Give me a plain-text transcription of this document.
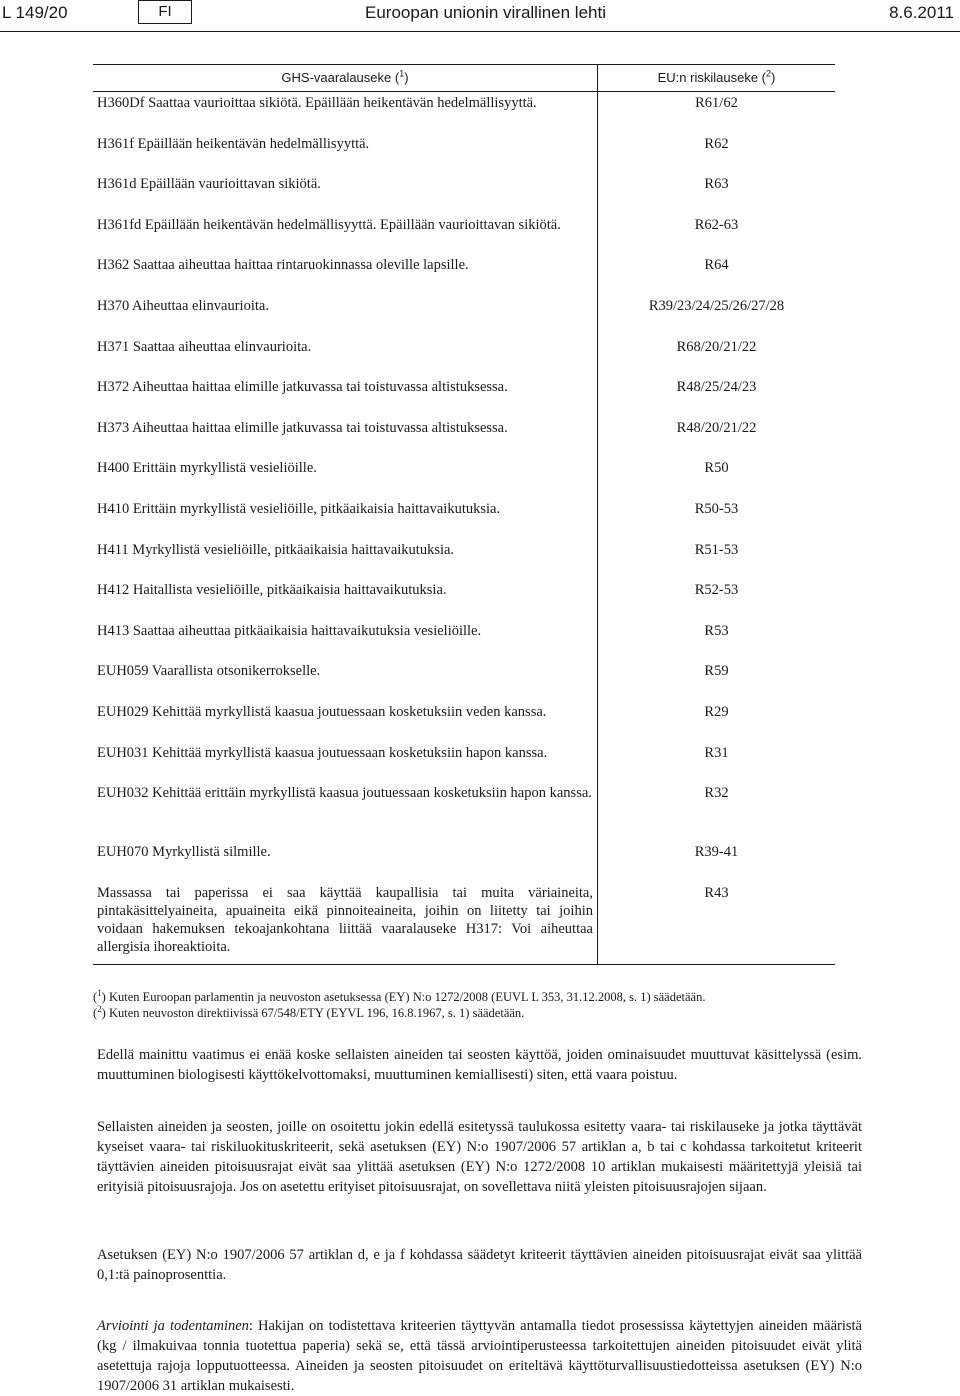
L 149/20	FI	Euroopan unionin virallinen lehti	8.6.2011
GHS-vaaralauseke ($^1$)	EU:n riskilauseke ($^2$)
H360Df Saattaa vaurioittaa sikiötä. Epäillään heikentävän hedelmällisyyttä.	R61/62
H361f Epäillään heikentävän hedelmällisyyttä.	R62
H361d Epäillään vaurioittavan sikiötä.	R63
H361fd Epäillään heikentävän hedelmällisyyttä. Epäillään vaurioittavan sikiötä.	R62-63
H362 Saattaa aiheuttaa haittaa rintaruokinnassa oleville lapsille.	R64
H370 Aiheuttaa elinvaurioita.	R39/23/24/25/26/27/28
H371 Saattaa aiheuttaa elinvaurioita.	R68/20/21/22
H372 Aiheuttaa haittaa elimille jatkuvassa tai toistuvassa altistuksessa.	R48/25/24/23
H373 Aiheuttaa haittaa elimille jatkuvassa tai toistuvassa altistuksessa.	R48/20/21/22
H400 Erittäin myrkyllistä vesieliöille.	R50
H410 Erittäin myrkyllistä vesieliöille, pitkäaikaisia haittavaikutuksia.	R50-53
H411 Myrkyllistä vesieliöille, pitkäaikaisia haittavaikutuksia.	R51-53
H412 Haitallista vesieliöille, pitkäaikaisia haittavaikutuksia.	R52-53
H413 Saattaa aiheuttaa pitkäaikaisia haittavaikutuksia vesieliöille.	R53
EUH059 Vaarallista otsonikerrokselle.	R59
EUH029 Kehittää myrkyllistä kaasua joutuessaan kosketuksiin veden kanssa.	R29
EUH031 Kehittää myrkyllistä kaasua joutuessaan kosketuksiin hapon kanssa.	R31
EUH032 Kehittää erittäin myrkyllistä kaasua joutuessaan kosketuksiin hapon kanssa.	R32
EUH070 Myrkyllistä silmille.	R39-41
Massassa tai paperissa ei saa käyttää kaupallisia tai muita väriaineita, pintakäsittelyaineita, apuaineita eikä pinnoiteaineita, joihin on liitetty tai joihin voidaan hakemuksen tekoajankohtana liittää vaaralauseke H317: Voi aiheuttaa allergisia ihoreaktioita.	R43
($^1$) Kuten Euroopan parlamentin ja neuvoston asetuksessa (EY) N:o 1272/2008 (EUVL L 353, 31.12.2008, s. 1) säädetään.
($^2$) Kuten neuvoston direktiivissä 67/548/ETY (EYVL 196, 16.8.1967, s. 1) säädetään.

Edellä mainittu vaatimus ei enää koske sellaisten aineiden tai seosten käyttöä, joiden ominaisuudet muuttuvat käsittelyssä (esim. muuttuminen biologisesti käyttökelvottomaksi, muuttuminen kemiallisesti) siten, että vaara poistuu.

Sellaisten aineiden ja seosten, joille on osoitettu jokin edellä esitetyssä taulukossa esitetty vaara- tai riskilauseke ja jotka täyttävät kyseiset vaara- tai riskiluokituskriteerit, sekä asetuksen (EY) N:o 1907/2006 57 artiklan a, b tai c kohdassa tarkoitetut kriteerit täyttävien aineiden pitoisuusrajat eivät saa ylittää asetuksen (EY) N:o 1272/2008 10 artiklan mukaisesti määritettyjä yleisiä tai erityisiä pitoisuusrajoja. Jos on asetettu erityiset pitoisuusrajat, on sovellettava niitä yleisten pitoisuusrajojen sijaan.

Asetuksen (EY) N:o 1907/2006 57 artiklan d, e ja f kohdassa säädetyt kriteerit täyttävien aineiden pitoisuusrajat eivät saa ylittää 0,1:tä painoprosenttia.

Arviointi ja todentaminen: Hakijan on todistettava kriteerien täyttyvän antamalla tiedot prosessissa käytettyjen aineiden määristä (kg / ilmakuivaa tonnia tuotettua paperia) sekä se, että tässä arviointiperusteessa tarkoitettujen aineiden pitoisuudet eivät ylitä asetettuja rajoja lopputuotteessa. Aineiden ja seosten pitoisuudet on eriteltävä käyttöturvallisuustiedotteissa asetuksen (EY) N:o 1907/2006 31 artiklan mukaisesti.
